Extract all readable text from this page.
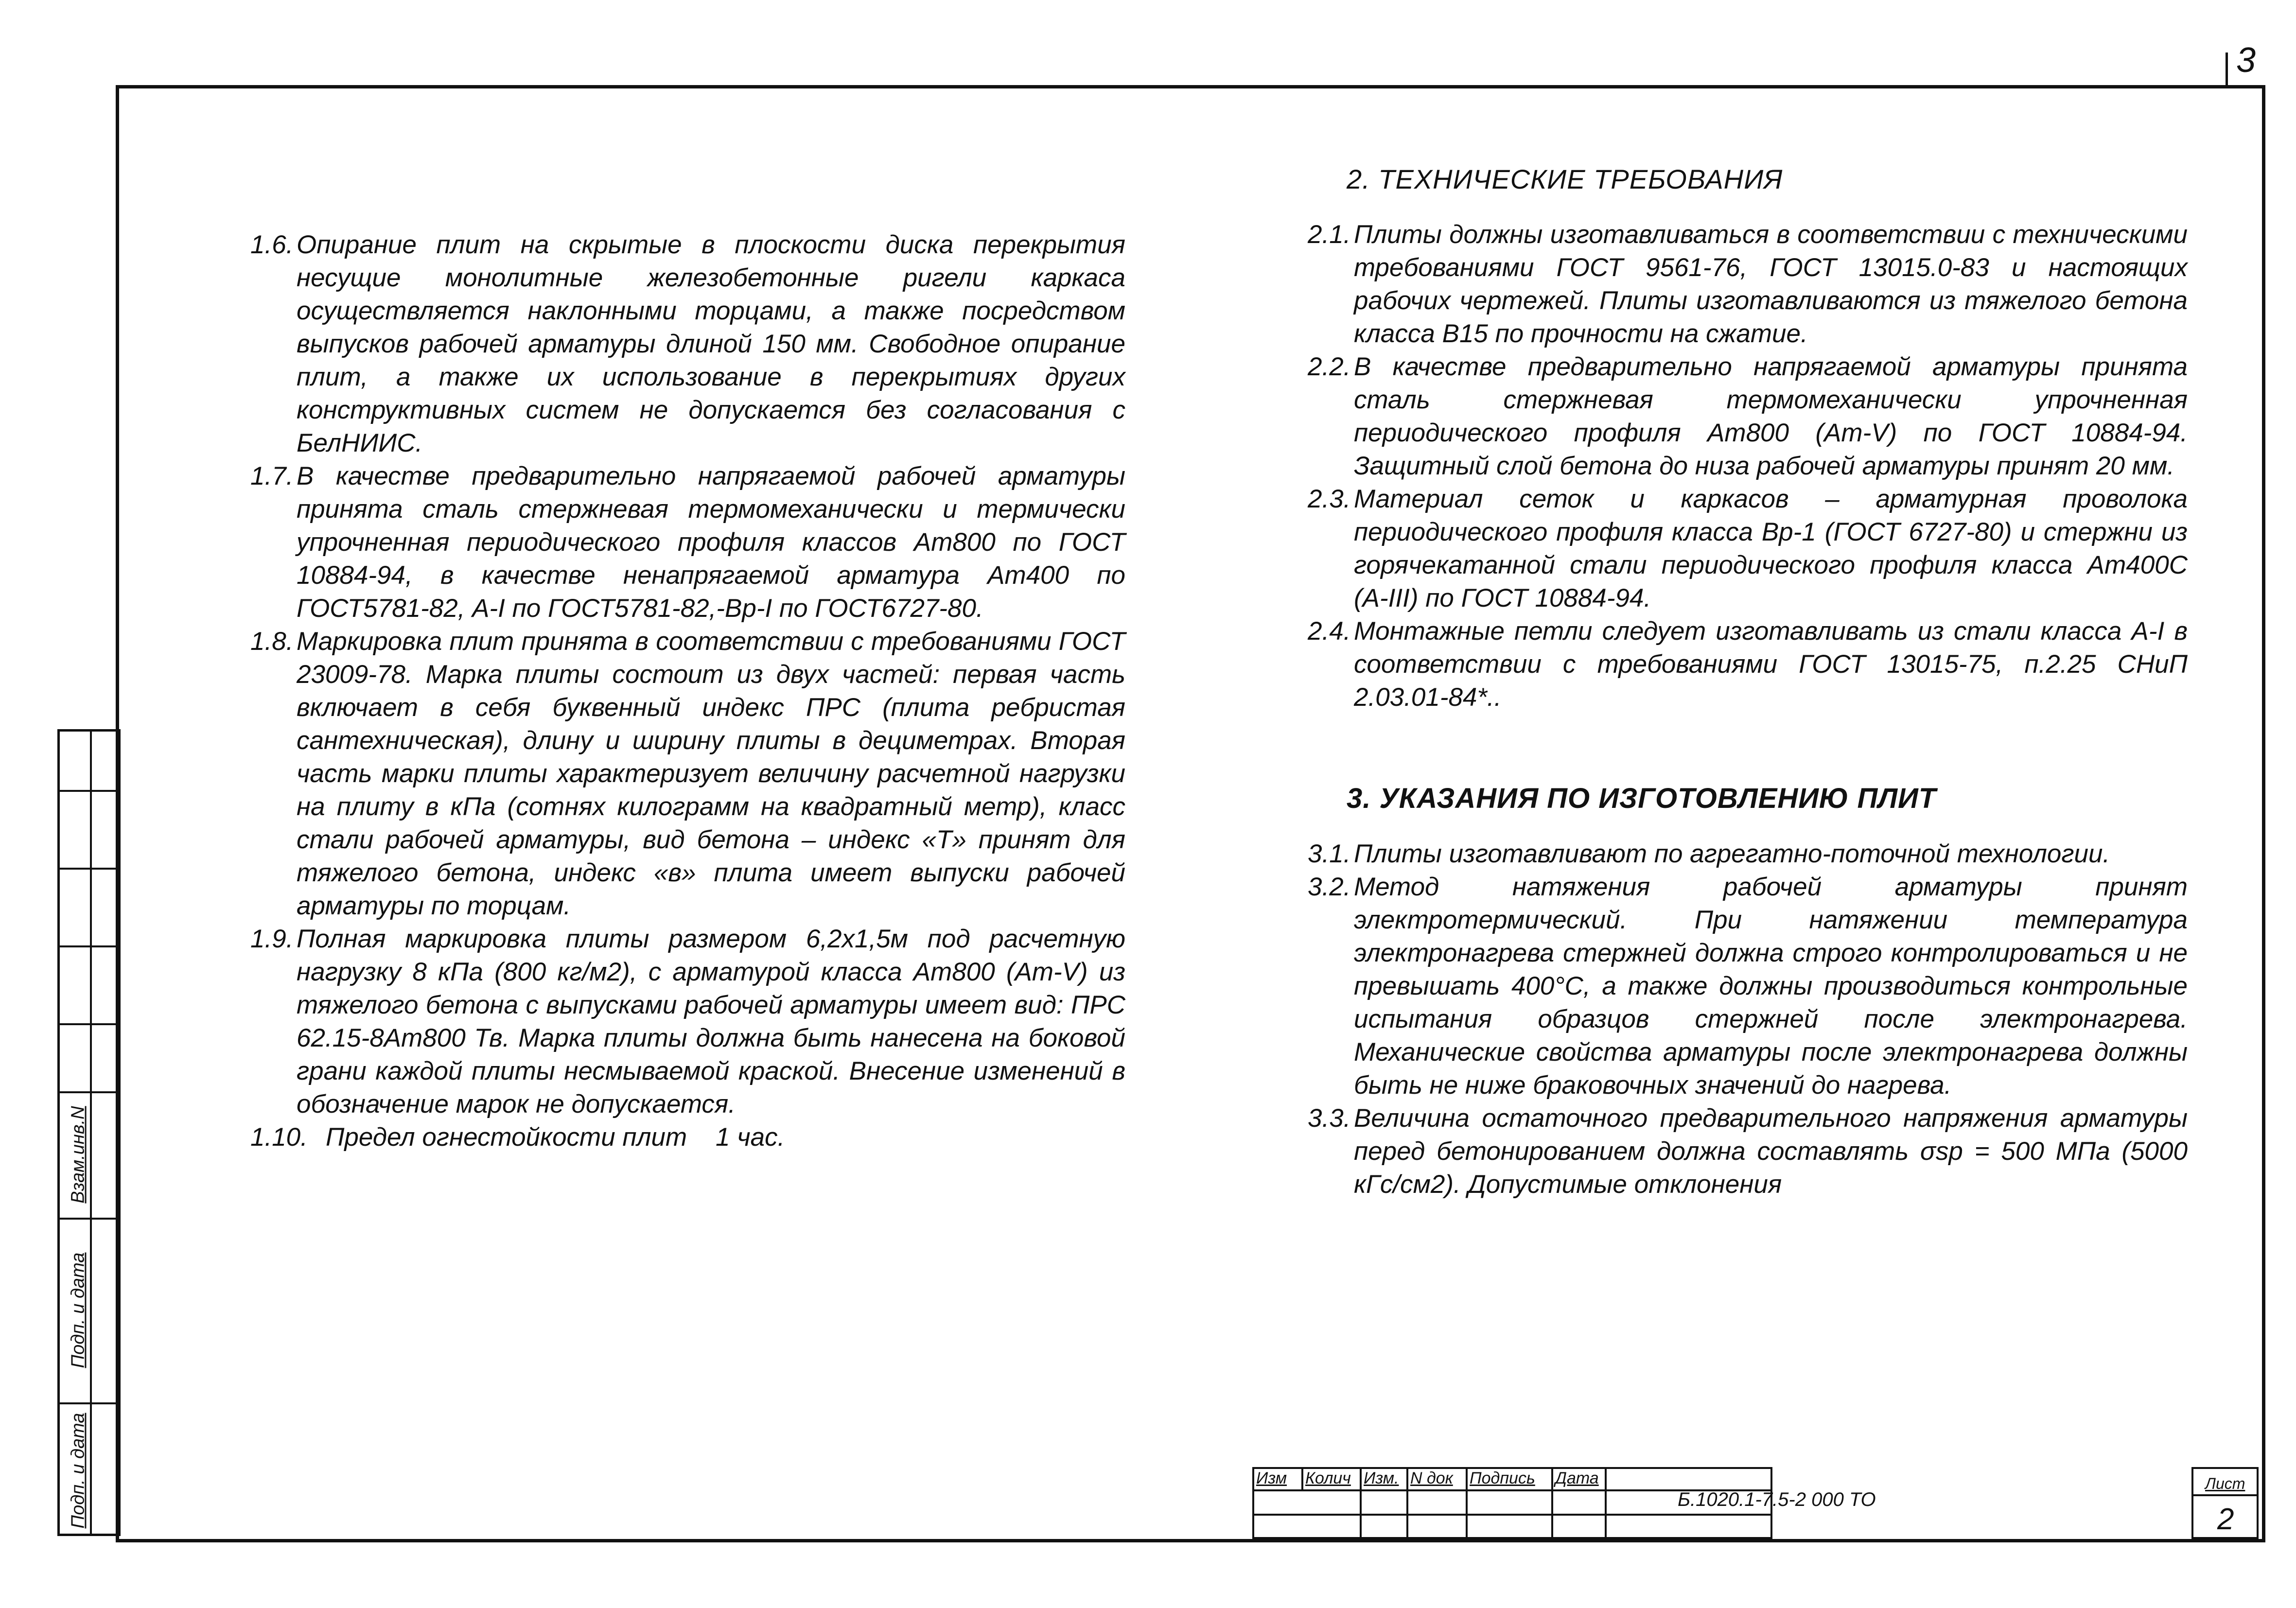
3
Взам.инв.N
Подп. и дата
Подп. и дата
1.6. Опирание плит на скрытые в плоскости диска перекрытия несущие монолитные железобетонные ригели каркаса осуществляется наклонными торцами, а также посредством выпусков рабочей арматуры длиной 150 мм. Свободное опирание плит, а также их использование в перекрытиях других конструктивных систем не допускается без согласования с БелНИИС.
1.7. В качестве предварительно напрягаемой рабочей арматуры принята сталь стержневая термомеханически и термически упрочненная периодического профиля классов Aт800 по ГОСТ 10884-94, в качестве ненапрягаемой арматура Aт400 по ГОСТ5781-82, A-I по ГОСТ5781-82,-Bp-I по ГОСТ6727-80.
1.8. Маркировка плит принята в соответствии с требованиями ГОСТ 23009-78. Марка плиты состоит из двух частей: первая часть включает в себя буквенный индекс ПРС (плита ребристая сантехническая), длину и ширину плиты в дециметрах. Вторая часть марки плиты характеризует величину расчетной нагрузки на плиту в кПа (сотнях килограмм на квадратный метр), класс стали рабочей арматуры, вид бетона – индекс «Т» принят для тяжелого бетона, индекс «в» плита имеет выпуски рабочей арматуры по торцам.
1.9. Полная маркировка плиты размером 6,2x1,5м под расчетную нагрузку 8 кПа (800 кг/м2), с арматурой класса Aт800 (Aт-V) из тяжелого бетона с выпусками рабочей арматуры имеет вид: ПРС 62.15-8Aт800 Тв. Марка плиты должна быть нанесена на боковой грани каждой плиты несмываемой краской. Внесение изменений в обозначение марок не допускается.
1.10. Предел огнестойкости плит    1 час.
2. ТЕХНИЧЕСКИЕ ТРЕБОВАНИЯ
2.1. Плиты должны изготавливаться в соответствии с техническими требованиями ГОСТ 9561-76, ГОСТ 13015.0-83 и настоящих рабочих чертежей. Плиты изготавливаются из тяжелого бетона класса В15 по прочности на сжатие.
2.2. В качестве предварительно напрягаемой арматуры принята сталь стержневая термомеханически упрочненная периодического профиля Ат800 (Ат-V) по ГОСТ 10884-94. Защитный слой бетона до низа рабочей арматуры принят 20 мм.
2.3. Материал сеток и каркасов – арматурная проволока периодического профиля класса Вр-1 (ГОСТ 6727-80) и стержни из горячекатанной стали периодического профиля класса Ат400С (А-III) по ГОСТ 10884-94.
2.4. Монтажные петли следует изготавливать из стали класса А-I в соответствии с требованиями ГОСТ 13015-75, п.2.25 СНиП 2.03.01-84*..
3. УКАЗАНИЯ ПО ИЗГОТОВЛЕНИЮ ПЛИТ
3.1. Плиты изготавливают по агрегатно-поточной технологии.
3.2. Метод натяжения рабочей арматуры принят электротермический. При натяжении температура электронагрева стержней должна строго контролироваться и не превышать 400°С, а также должны производиться контрольные испытания образцов стержней после электронагрева. Механические свойства арматуры после электронагрева должны быть не ниже браковочных значений до нагрева.
3.3. Величина остаточного предварительного напряжения арматуры перед бетонированием должна составлять σsp = 500 МПа (5000 кГс/см2). Допустимые отклонения
Изм	Колич Изм. N док	Подпись	Дата
Б.1020.1-7.5-2 000 ТО
Лист
2
